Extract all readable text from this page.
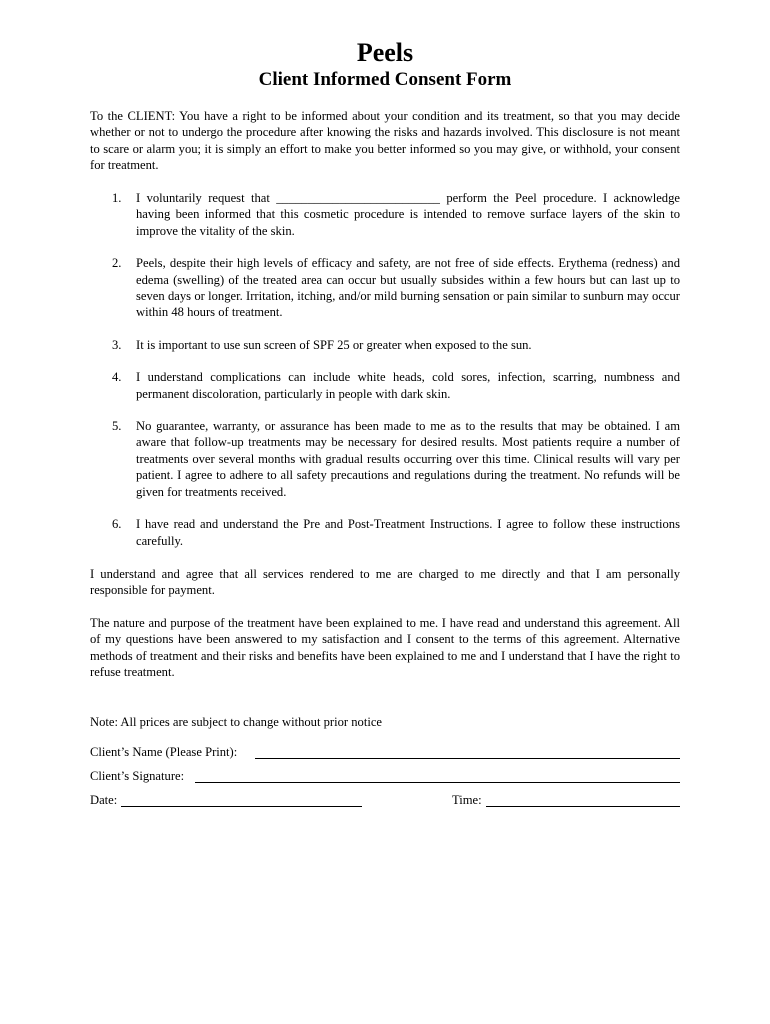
Peels
Client Informed Consent Form

To the CLIENT: You have a right to be informed about your condition and its treatment, so that you may decide whether or not to undergo the procedure after knowing the risks and hazards involved. This disclosure is not meant to scare or alarm you; it is simply an effort to make you better informed so you may give, or withhold, your consent for treatment.

1. I voluntarily request that __________________________ perform the Peel procedure. I acknowledge having been informed that this cosmetic procedure is intended to remove surface layers of the skin to improve the vitality of the skin.
2. Peels, despite their high levels of efficacy and safety, are not free of side effects. Erythema (redness) and edema (swelling) of the treated area can occur but usually subsides within a few hours but can last up to seven days or longer. Irritation, itching, and/or mild burning sensation or pain similar to sunburn may occur within 48 hours of treatment.
3. It is important to use sun screen of SPF 25 or greater when exposed to the sun.
4. I understand complications can include white heads, cold sores, infection, scarring, numbness and permanent discoloration, particularly in people with dark skin.
5. No guarantee, warranty, or assurance has been made to me as to the results that may be obtained. I am aware that follow-up treatments may be necessary for desired results. Most patients require a number of treatments over several months with gradual results occurring over this time. Clinical results will vary per patient. I agree to adhere to all safety precautions and regulations during the treatment. No refunds will be given for treatments received.
6. I have read and understand the Pre and Post-Treatment Instructions. I agree to follow these instructions carefully.

I understand and agree that all services rendered to me are charged to me directly and that I am personally responsible for payment.

The nature and purpose of the treatment have been explained to me. I have read and understand this agreement. All of my questions have been answered to my satisfaction and I consent to the terms of this agreement. Alternative methods of treatment and their risks and benefits have been explained to me and I understand that I have the right to refuse treatment.

Note: All prices are subject to change without prior notice

Client’s Name (Please Print):
Client’s Signature:
Date:	Time:
